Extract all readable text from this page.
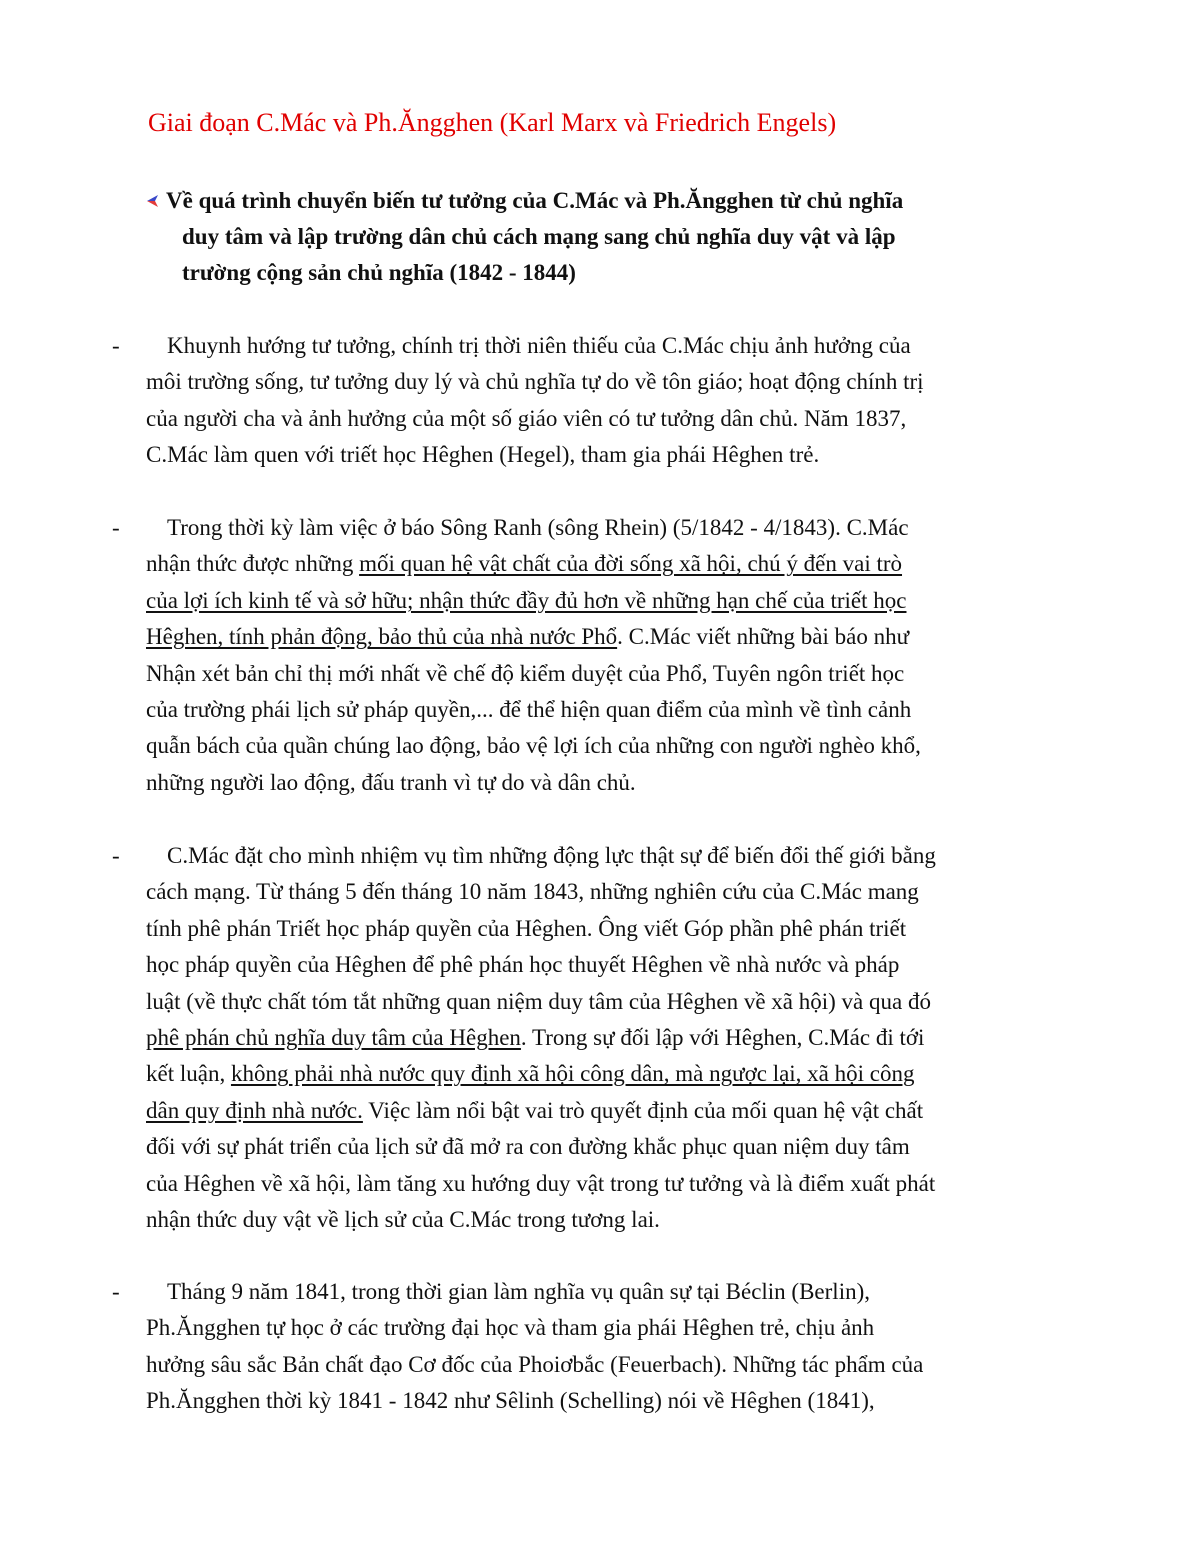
Giai đoạn C.Mác và Ph.Ăngghen (Karl Marx và Friedrich Engels)
Về quá trình chuyển biến tư tưởng của C.Mác và Ph.Ăngghen từ chủ nghĩa
duy tâm và lập trường dân chủ cách mạng sang chủ nghĩa duy vật và lập
trường cộng sản chủ nghĩa (1842 - 1844)
-	Khuynh hướng tư tưởng, chính trị thời niên thiếu của C.Mác chịu ảnh hưởng của
môi trường sống, tư tưởng duy lý và chủ nghĩa tự do về tôn giáo; hoạt động chính trị
của người cha và ảnh hưởng của một số giáo viên có tư tưởng dân chủ. Năm 1837,
C.Mác làm quen với triết học Hêghen (Hegel), tham gia phái Hêghen trẻ.
-	Trong thời kỳ làm việc ở báo Sông Ranh (sông Rhein) (5/1842 - 4/1843). C.Mác
nhận thức được những mối quan hệ vật chất của đời sống xã hội, chú ý đến vai trò
của lợi ích kinh tế và sở hữu; nhận thức đầy đủ hơn về những hạn chế của triết học
Hêghen, tính phản động, bảo thủ của nhà nước Phổ. C.Mác viết những bài báo như
Nhận xét bản chỉ thị mới nhất về chế độ kiểm duyệt của Phổ, Tuyên ngôn triết học
của trường phái lịch sử pháp quyền,... để thể hiện quan điểm của mình về tình cảnh
quẫn bách của quần chúng lao động, bảo vệ lợi ích của những con người nghèo khổ,
những người lao động, đấu tranh vì tự do và dân chủ.
-	C.Mác đặt cho mình nhiệm vụ tìm những động lực thật sự để biến đổi thế giới bằng
cách mạng. Từ tháng 5 đến tháng 10 năm 1843, những nghiên cứu của C.Mác mang
tính phê phán Triết học pháp quyền của Hêghen. Ông viết Góp phần phê phán triết
học pháp quyền của Hêghen để phê phán học thuyết Hêghen về nhà nước và pháp
luật (về thực chất tóm tắt những quan niệm duy tâm của Hêghen về xã hội) và qua đó
phê phán chủ nghĩa duy tâm của Hêghen. Trong sự đối lập với Hêghen, C.Mác đi tới
kết luận, không phải nhà nước quy định xã hội công dân, mà ngược lại, xã hội công
dân quy định nhà nước. Việc làm nổi bật vai trò quyết định của mối quan hệ vật chất
đối với sự phát triển của lịch sử đã mở ra con đường khắc phục quan niệm duy tâm
của Hêghen về xã hội, làm tăng xu hướng duy vật trong tư tưởng và là điểm xuất phát
nhận thức duy vật về lịch sử của C.Mác trong tương lai.
-	Tháng 9 năm 1841, trong thời gian làm nghĩa vụ quân sự tại Béclin (Berlin),
Ph.Ăngghen tự học ở các trường đại học và tham gia phái Hêghen trẻ, chịu ảnh
hưởng sâu sắc Bản chất đạo Cơ đốc của Phoiơbắc (Feuerbach). Những tác phẩm của
Ph.Ăngghen thời kỳ 1841 - 1842 như Sêlinh (Schelling) nói về Hêghen (1841),
